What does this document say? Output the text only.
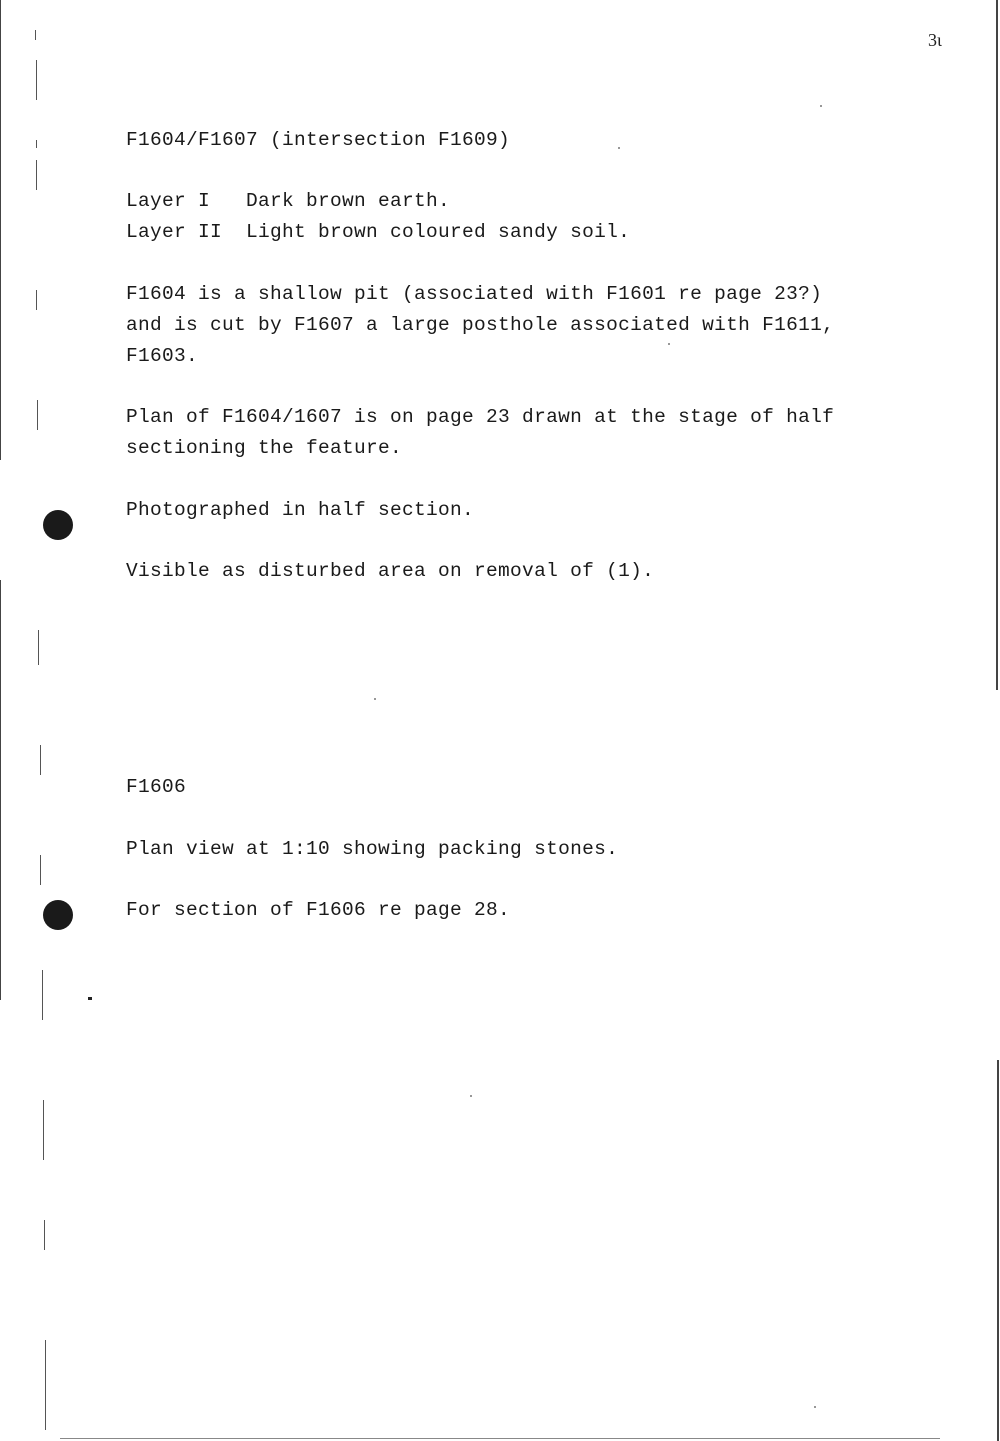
3ɩ
F1604/F1607 (intersection F1609)
Layer I   Dark brown earth.
Layer II  Light brown coloured sandy soil.
F1604 is a shallow pit (associated with F1601 re page 23?)
and is cut by F1607 a large posthole associated with F1611,
F1603.
Plan of F1604/1607 is on page 23 drawn at the stage of half
sectioning the feature.
Photographed in half section.
Visible as disturbed area on removal of (1).
F1606
Plan view at 1:10 showing packing stones.
For section of F1606 re page 28.
